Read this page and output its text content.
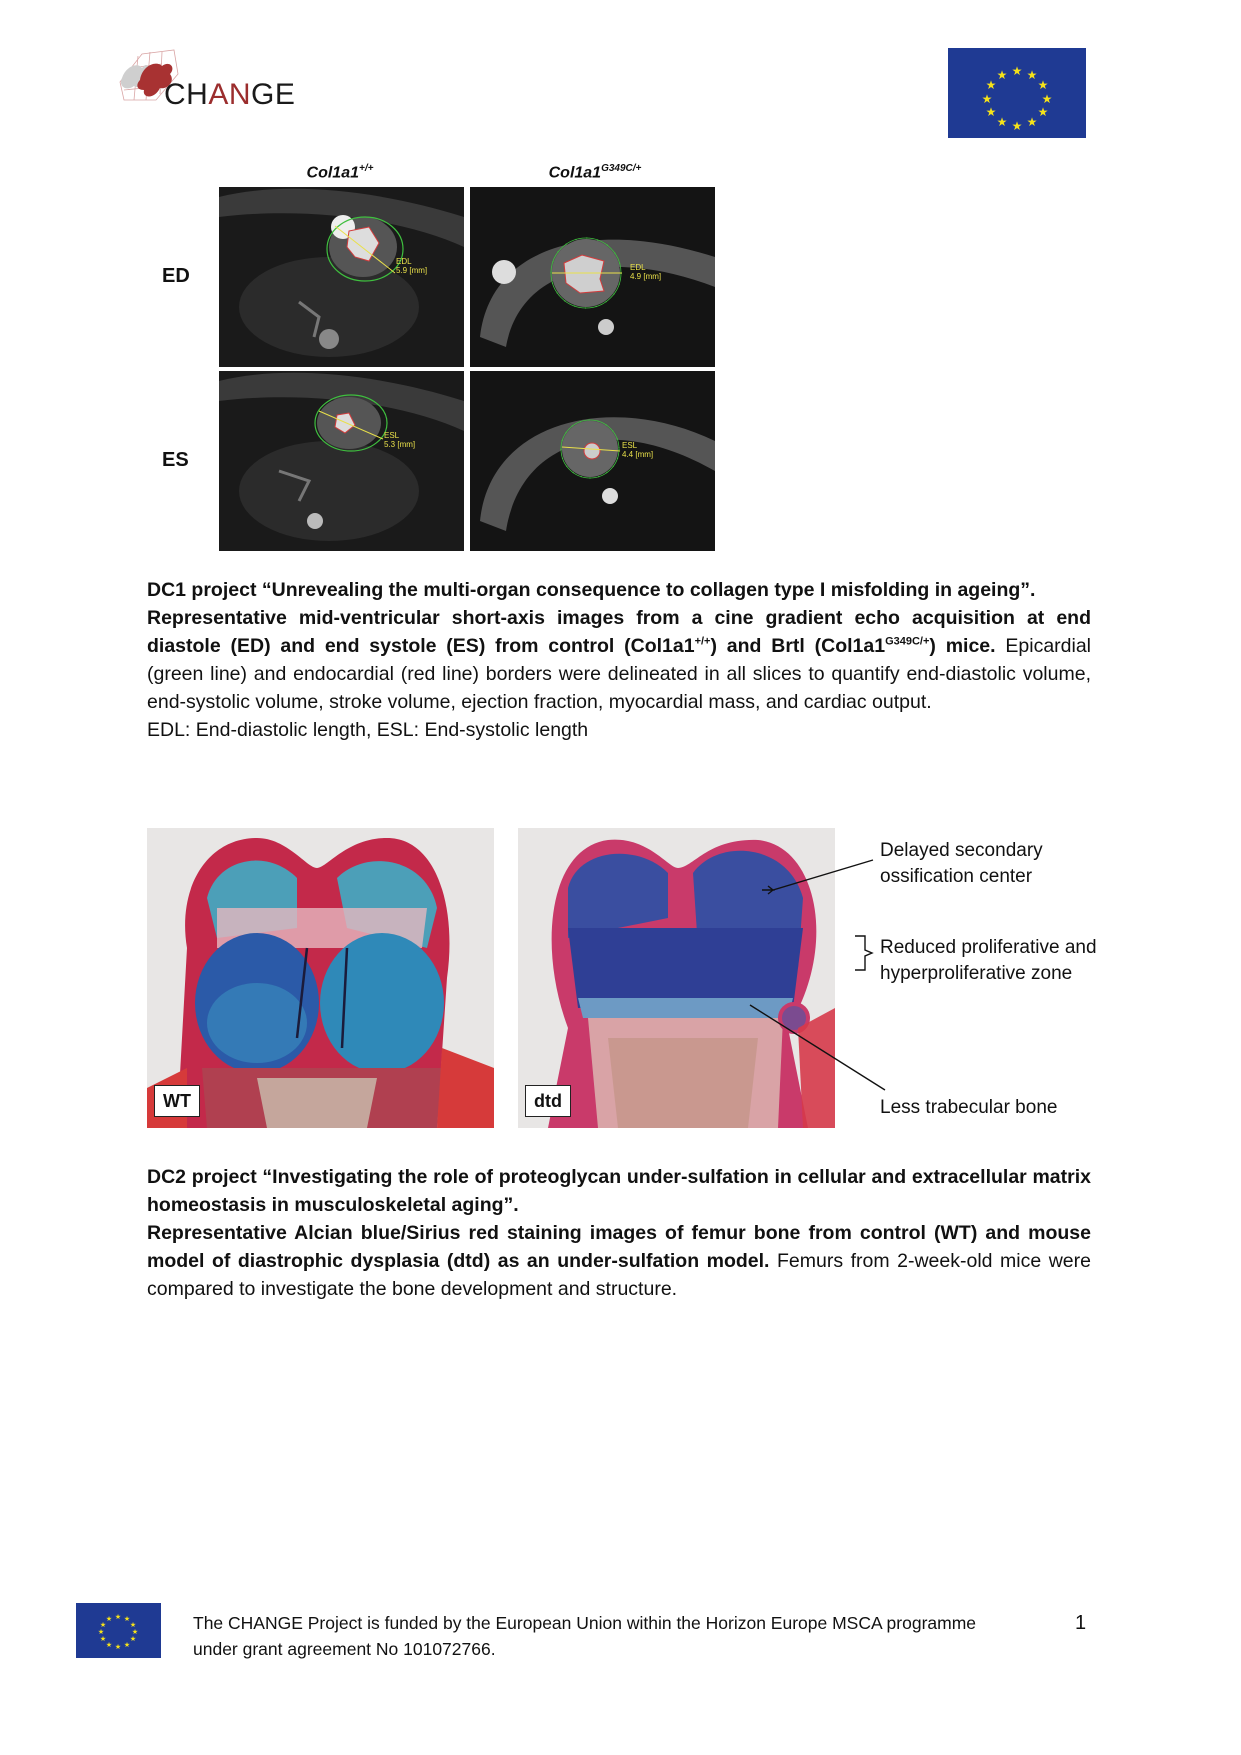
CHANGE
★ ★
★
★
★
★
★
★
★
★
★
★
Col1a1+/+	$Col1a1^{G349C/+}$
ED
ES
EDL
5.9 [mm]	EDL
4.9 [mm]
ESL
5.3 [mm]	ESL
4.4 [mm]
DC1 project “Unrevealing the multi-organ consequence to collagen type I misfolding in ageing”.
Representative mid-ventricular short-axis images from a cine gradient echo acquisition at end diastole (ED) and end systole (ES) from control (Col1a1+/+) and Brtl $(Col1a1^{G349C/+})$ mice. Epicardial (green line) and endocardial (red line) borders were delineated in all slices to quantify end-diastolic volume, end-systolic volume, stroke volume, ejection fraction, myocardial mass, and cardiac output.
EDL: End-diastolic length, ESL: End-systolic length
WT	dtd
Delayed secondary
ossification center
Reduced proliferative and
hyperproliferative zone
Less trabecular bone
DC2 project “Investigating the role of proteoglycan under-sulfation in cellular and extracellular matrix homeostasis in musculoskeletal aging”.
Representative Alcian blue/Sirius red staining images of femur bone from control (WT) and mouse model of diastrophic dysplasia (dtd) as an under-sulfation model. Femurs from 2-week-old mice were compared to investigate the bone development and structure.
★ ★
★
★
★
★
★
★
★
★
★
★	The CHANGE Project is funded by the European Union within the Horizon Europe MSCA programme
under grant agreement No 101072766.
1
